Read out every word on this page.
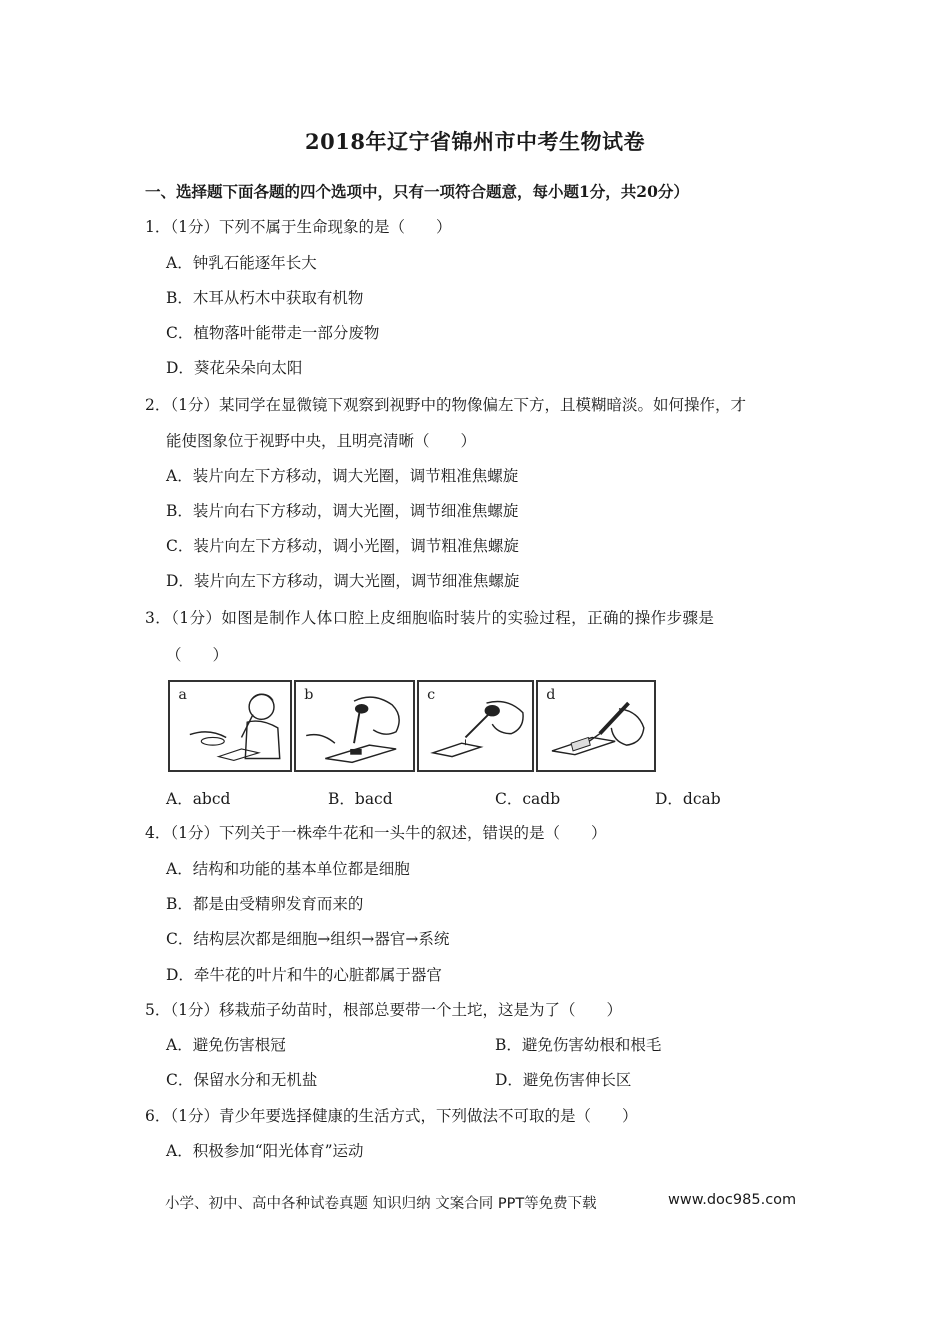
2018年辽宁省锦州市中考生物试卷
一、选择题下面各题的四个选项中，只有一项符合题意，每小题1分，共20分）
1．（1分）下列不属于生命现象的是（　　）
A．钟乳石能逐年长大
B．木耳从朽木中获取有机物
C．植物落叶能带走一部分废物
D．葵花朵朵向太阳
2．（1分）某同学在显微镜下观察到视野中的物像偏左下方，且模糊暗淡。如何操作，才
能使图象位于视野中央，且明亮清晰（　　）
A．装片向左下方移动，调大光圈，调节粗准焦螺旋
B．装片向右下方移动，调大光圈，调节细准焦螺旋
C．装片向左下方移动，调小光圈，调节粗准焦螺旋
D．装片向左下方移动，调大光圈，调节细准焦螺旋
3．（1分）如图是制作人体口腔上皮细胞临时装片的实验过程，正确的操作步骤是
（　　）
a	b	c	d
A．abcd	B．bacd	C．cadb	D．dcab
4．（1分）下列关于一株牵牛花和一头牛的叙述，错误的是（　　）
A．结构和功能的基本单位都是细胞
B．都是由受精卵发育而来的
C．结构层次都是细胞→组织→器官→系统
D．牵牛花的叶片和牛的心脏都属于器官
5．（1分）移栽茄子幼苗时，根部总要带一个土坨，这是为了（　　）
A．避免伤害根冠	B．避免伤害幼根和根毛
C．保留水分和无机盐	D．避免伤害伸长区
6．（1分）青少年要选择健康的生活方式，下列做法不可取的是（　　）
A．积极参加“阳光体育”运动
小学、初中、高中各种试卷真题 知识归纳 文案合同 PPT等免费下载	www.doc985.com
